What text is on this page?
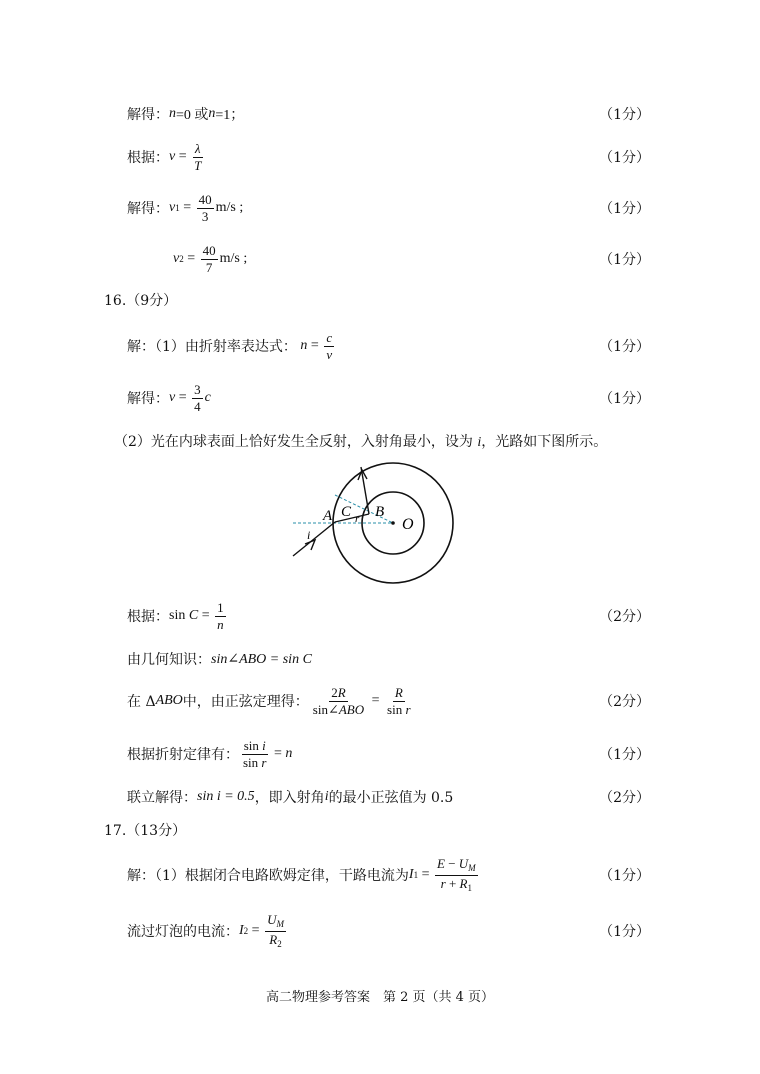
解得： n =0 或 n =1；	（1分）
根据： $v = \frac{\lambda}{T}$	（1分）
解得： v $1 = \frac{40}{3} m/s$ ;	（1分）
v $2 = \frac{40}{7} m/s$ ;	（1分）
16.（9分）
解：（1）由折射率表达式： $n = \frac{c}{v}$	（1分）
解得： $v = \frac{3}{4}$ c	（1分）
（2）光在内球表面上恰好发生全反射，入射角最小，设为 i，光路如下图所示。
A C r B
O
i
根据： $\sin C = \frac{1}{n}$	（2分）
由几何知识： sin∠ABO = sin C
在 Δ ABO 中，由正弦定理得： $\frac{2R}{\text{sin∠ABO}} = \frac{R}{\text{sin r}}$	（2分）
根据折射定律有： $\frac{\text{sin i}}{\text{sin r}} = n$	（1分）
联立解得： sin i = 0.5 ，即入射角 i 的最小正弦值为 0.5	（2分）
17.（13分）
解：（1）根据闭合电路欧姆定律，干路电流为 I $1 = \frac{E - U_M}{r + R_1}$	（1分）
流过灯泡的电流： I $2 = \frac{U_M}{R_2}$	（1分）
高二物理参考答案　第 2 页（共 4 页）
